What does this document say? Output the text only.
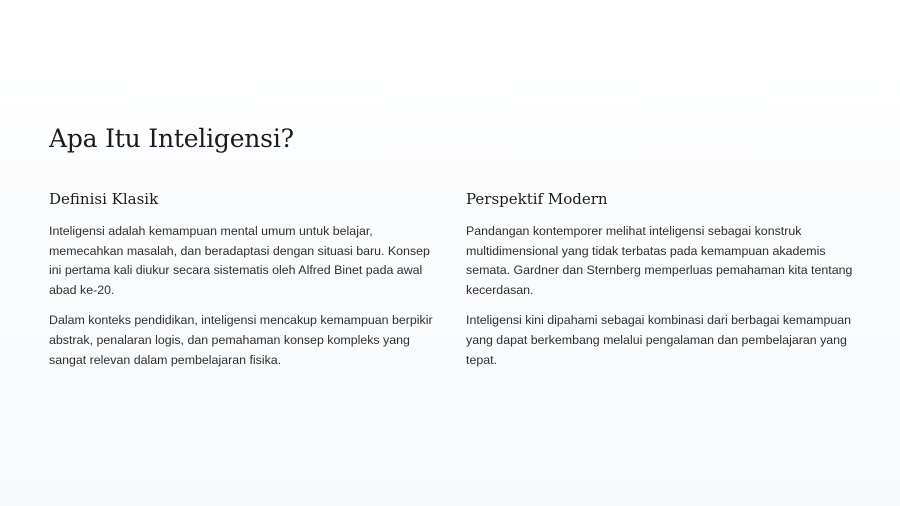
Apa Itu Inteligensi?
Definisi Klasik

Inteligensi adalah kemampuan mental umum untuk belajar, memecahkan masalah, dan beradaptasi dengan situasi baru. Konsep ini pertama kali diukur secara sistematis oleh Alfred Binet pada awal abad ke-20.

Dalam konteks pendidikan, inteligensi mencakup kemampuan berpikir abstrak, penalaran logis, dan pemahaman konsep kompleks yang sangat relevan dalam pembelajaran fisika.

Perspektif Modern

Pandangan kontemporer melihat inteligensi sebagai konstruk multidimensional yang tidak terbatas pada kemampuan akademis semata. Gardner dan Sternberg memperluas pemahaman kita tentang kecerdasan.

Inteligensi kini dipahami sebagai kombinasi dari berbagai kemampuan yang dapat berkembang melalui pengalaman dan pembelajaran yang tepat.
